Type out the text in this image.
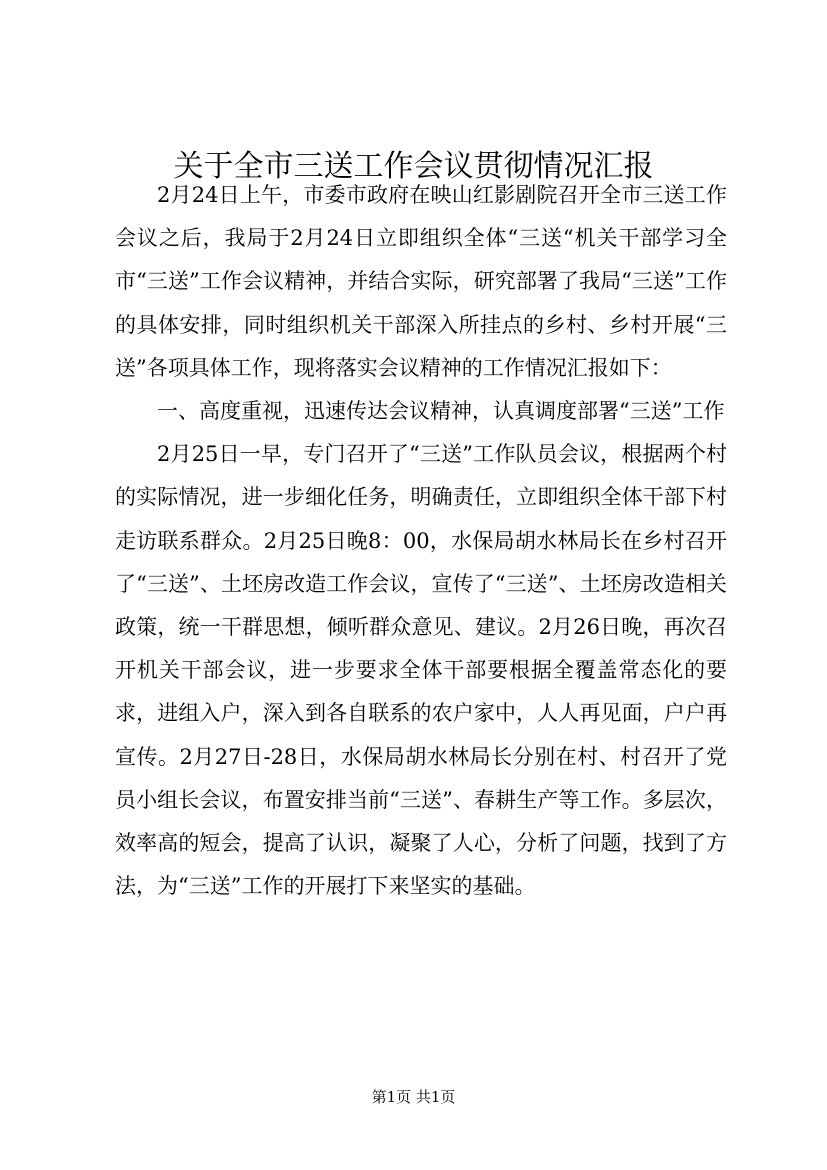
关于全市三送工作会议贯彻情况汇报

2月24日上午，市委市政府在映山红影剧院召开全市三送工作会议之后，我局于2月24日立即组织全体“三送“机关干部学习全市“三送”工作会议精神，并结合实际，研究部署了我局“三送”工作的具体安排，同时组织机关干部深入所挂点的乡村、乡村开展“三送”各项具体工作，现将落实会议精神的工作情况汇报如下：

一、高度重视，迅速传达会议精神，认真调度部署“三送”工作

2月25日一早，专门召开了“三送”工作队员会议，根据两个村的实际情况，进一步细化任务，明确责任，立即组织全体干部下村走访联系群众。2月25日晚8：00，水保局胡水林局长在乡村召开了“三送”、土坯房改造工作会议，宣传了“三送”、土坯房改造相关政策，统一干群思想，倾听群众意见、建议。2月26日晚，再次召开机关干部会议，进一步要求全体干部要根据全覆盖常态化的要求，进组入户，深入到各自联系的农户家中，人人再见面，户户再宣传。2月27日-28日，水保局胡水林局长分别在村、村召开了党员小组长会议，布置安排当前“三送”、春耕生产等工作。多层次，效率高的短会，提高了认识，凝聚了人心，分析了问题，找到了方法，为“三送”工作的开展打下来坚实的基础。

第1页 共1页
